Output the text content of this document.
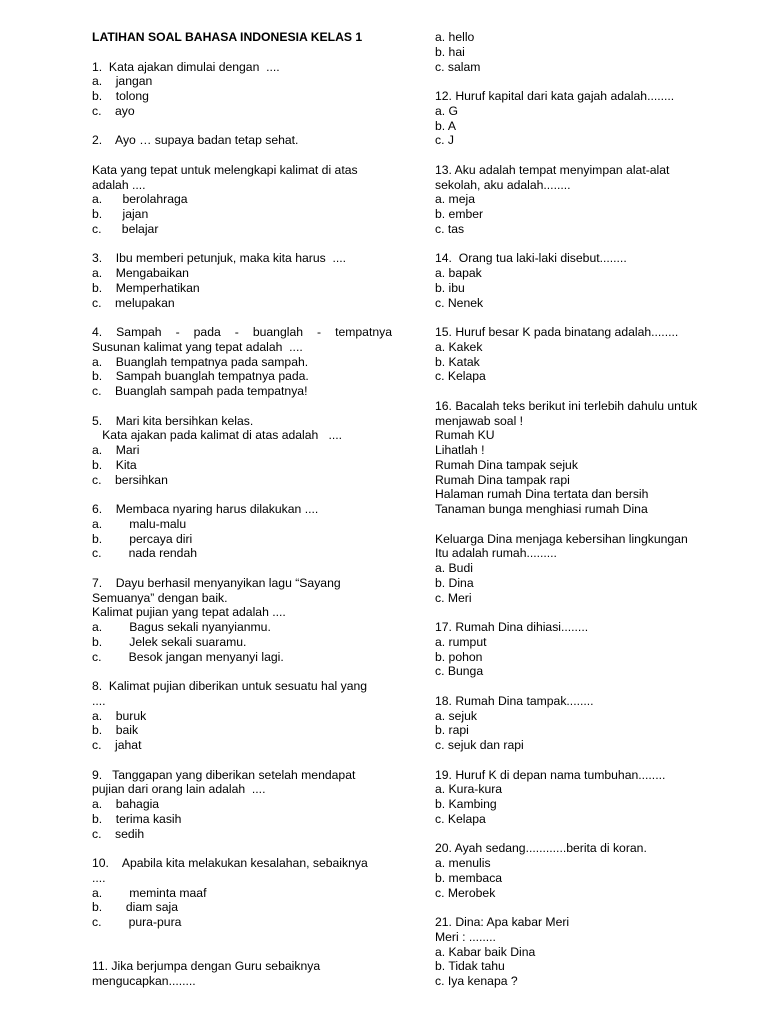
LATIHAN SOAL BAHASA INDONESIA KELAS 1
1.  Kata ajakan dimulai dengan  ....
a.    jangan
b.    tolong
c.    ayo
2.    Ayo … supaya badan tetap sehat.
Kata yang tepat untuk melengkapi kalimat di atas
adalah ....
a.      berolahraga
b.      jajan
c.      belajar
3.    Ibu memberi petunjuk, maka kita harus  ....
a.    Mengabaikan
b.    Memperhatikan
c.    melupakan
4. Sampah - pada - buanglah - tempatnya
Susunan kalimat yang tepat adalah  ....
a.    Buanglah tempatnya pada sampah.
b.    Sampah buanglah tempatnya pada.
c.    Buanglah sampah pada tempatnya!
5.    Mari kita bersihkan kelas.
Kata ajakan pada kalimat di atas adalah   ....
a.    Mari
b.    Kita
c.    bersihkan
6.    Membaca nyaring harus dilakukan ....
a.        malu-malu
b.        percaya diri
c.        nada rendah
7.    Dayu berhasil menyanyikan lagu “Sayang
Semuanya” dengan baik.
Kalimat pujian yang tepat adalah ....
a.        Bagus sekali nyanyianmu.
b.        Jelek sekali suaramu.
c.        Besok jangan menyanyi lagi.
8.  Kalimat pujian diberikan untuk sesuatu hal yang
....
a.    buruk
b.    baik
c.    jahat
9.   Tanggapan yang diberikan setelah mendapat
pujian dari orang lain adalah  ....
a.    bahagia
b.    terima kasih
c.    sedih
10.    Apabila kita melakukan kesalahan, sebaiknya
....
a.        meminta maaf
b.       diam saja
c.        pura-pura
11. Jika berjumpa dengan Guru sebaiknya
mengucapkan........
a. hello
b. hai
c. salam
12. Huruf kapital dari kata gajah adalah........
a. G
b. A
c. J
13. Aku adalah tempat menyimpan alat-alat
sekolah, aku adalah........
a. meja
b. ember
c. tas
14.  Orang tua laki-laki disebut........
a. bapak
b. ibu
c. Nenek
15. Huruf besar K pada binatang adalah........
a. Kakek
b. Katak
c. Kelapa
16. Bacalah teks berikut ini terlebih dahulu untuk
menjawab soal !
Rumah KU
Lihatlah !
Rumah Dina tampak sejuk
Rumah Dina tampak rapi
Halaman rumah Dina tertata dan bersih
Tanaman bunga menghiasi rumah Dina
Keluarga Dina menjaga kebersihan lingkungan
Itu adalah rumah.........
a. Budi
b. Dina
c. Meri
17. Rumah Dina dihiasi........
a. rumput
b. pohon
c. Bunga
18. Rumah Dina tampak........
a. sejuk
b. rapi
c. sejuk dan rapi
19. Huruf K di depan nama tumbuhan........
a. Kura-kura
b. Kambing
c. Kelapa
20. Ayah sedang............berita di koran.
a. menulis
b. membaca
c. Merobek
21. Dina: Apa kabar Meri
Meri : ........
a. Kabar baik Dina
b. Tidak tahu
c. Iya kenapa ?
